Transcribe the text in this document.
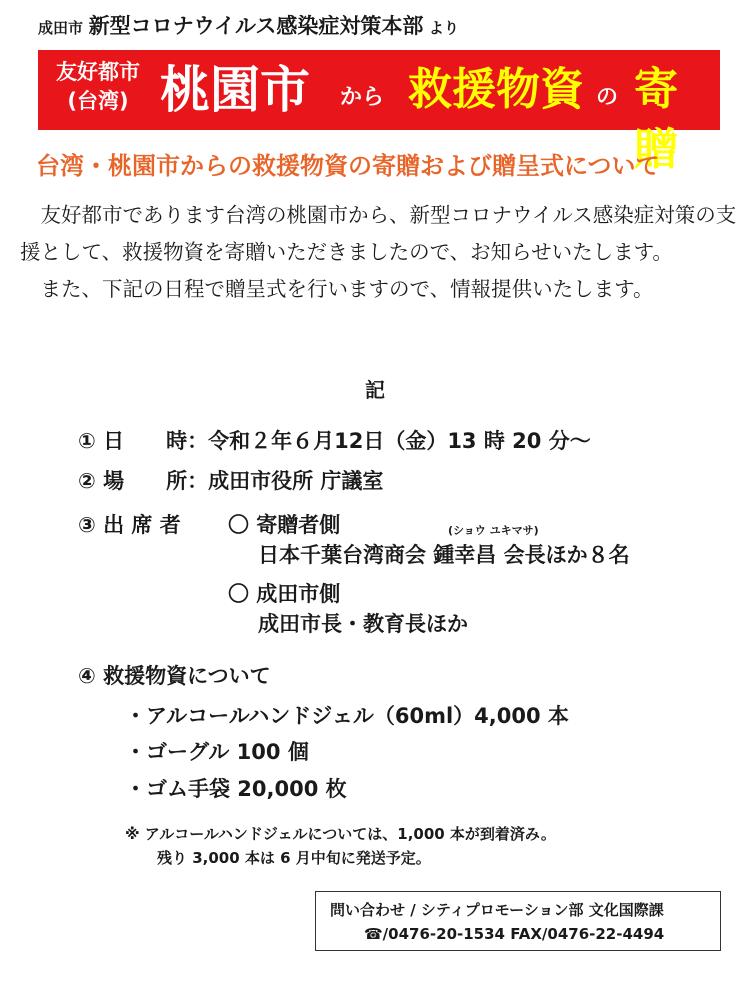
成田市 新型コロナウイルス感染症対策本部 より
友好都市
(台湾) 桃園市 から 救援物資 の 寄贈
台湾・桃園市からの救援物資の寄贈および贈呈式について

友好都市であります台湾の桃園市から、新型コロナウイルス感染症対策の支援として、救援物資を寄贈いただきましたので、お知らせいたします。

また、下記の日程で贈呈式を行いますので、情報提供いたします。

記
① 日　　時：令和２年６月12日（金）13 時 20 分〜
② 場　　所：成田市役所 庁議室
③ 出 席 者 〇 寄贈者側	(ショウ ユキマサ)
日本千葉台湾商会 鍾幸昌 会長ほか８名
〇 成田市側
成田市長・教育長ほか
④ 救援物資について
・アルコールハンドジェル（60ml）4,000 本
・ゴーグル 100 個
・ゴム手袋 20,000 枚
※ アルコールハンドジェルについては、1,000 本が到着済み。
残り 3,000 本は 6 月中旬に発送予定。
問い合わせ / シティプロモーション部 文化国際課
☎/0476-20-1534 FAX/0476-22-4494
